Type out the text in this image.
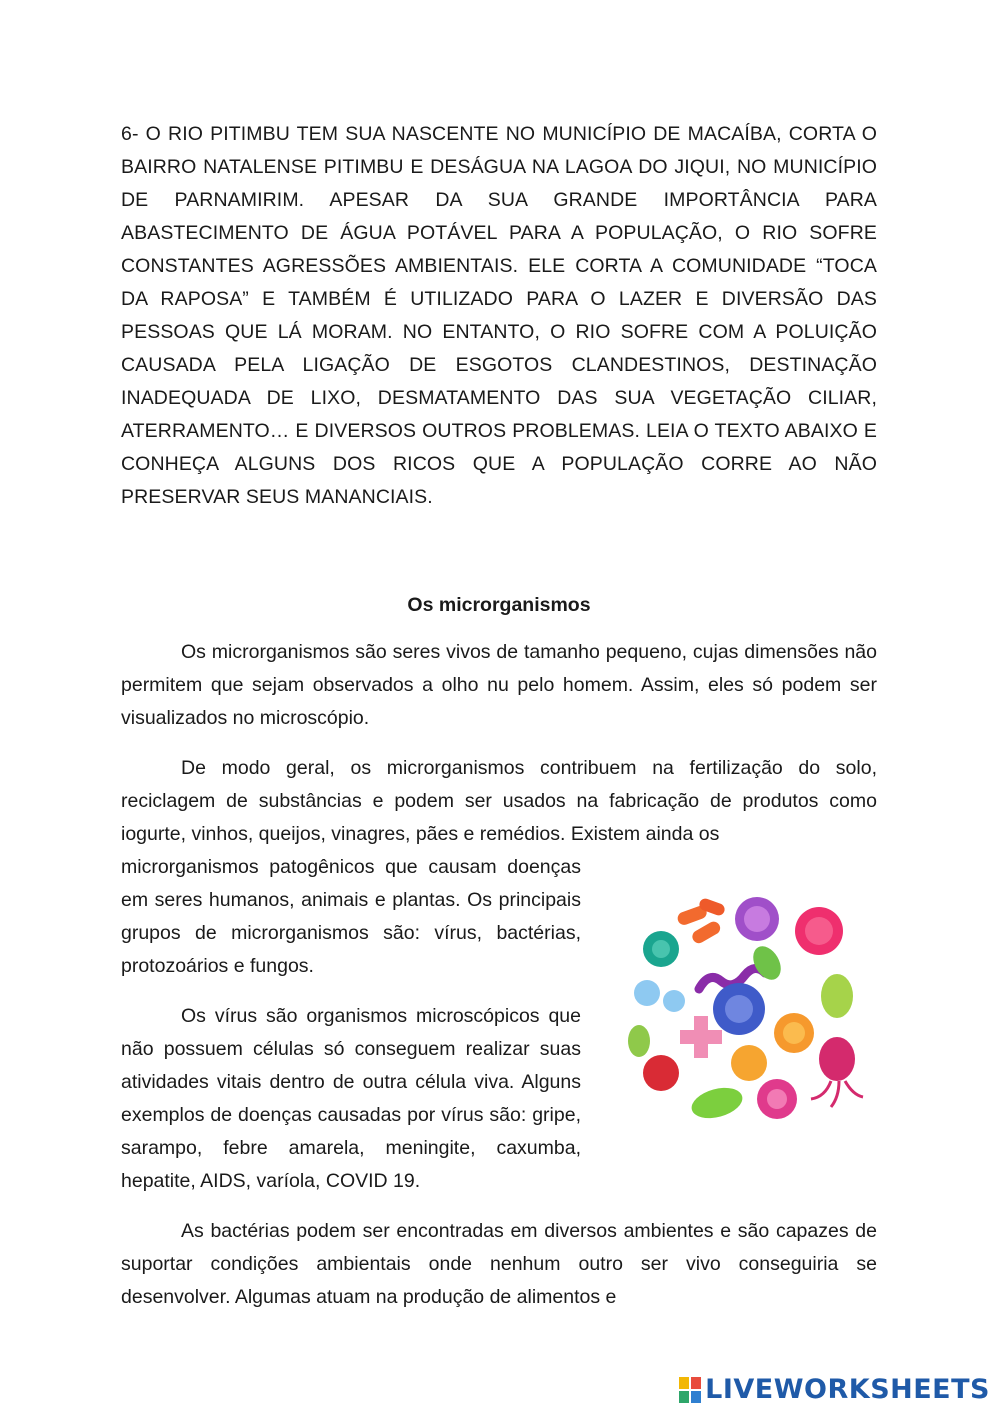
6- O RIO PITIMBU TEM SUA NASCENTE NO MUNICÍPIO DE MACAÍBA, CORTA O BAIRRO NATALENSE PITIMBU E DESÁGUA NA LAGOA DO JIQUI, NO MUNICÍPIO DE PARNAMIRIM. APESAR DA SUA GRANDE IMPORTÂNCIA PARA ABASTECIMENTO DE ÁGUA POTÁVEL PARA A POPULAÇÃO, O RIO SOFRE CONSTANTES AGRESSÕES AMBIENTAIS. ELE CORTA A COMUNIDADE “TOCA DA RAPOSA” E TAMBÉM É UTILIZADO PARA O LAZER E DIVERSÃO DAS PESSOAS QUE LÁ MORAM. NO ENTANTO, O RIO SOFRE COM A POLUIÇÃO CAUSADA PELA LIGAÇÃO DE ESGOTOS CLANDESTINOS, DESTINAÇÃO INADEQUADA DE LIXO, DESMATAMENTO DAS SUA VEGETAÇÃO CILIAR, ATERRAMENTO… E DIVERSOS OUTROS PROBLEMAS. LEIA O TEXTO ABAIXO E CONHEÇA ALGUNS DOS RICOS QUE A POPULAÇÃO CORRE AO NÃO PRESERVAR SEUS MANANCIAIS.

Os microrganismos

Os microrganismos são seres vivos de tamanho pequeno, cujas dimensões não permitem que sejam observados a olho nu pelo homem. Assim, eles só podem ser visualizados no microscópio.

De modo geral, os microrganismos contribuem na fertilização do solo, reciclagem de substâncias e podem ser usados na fabricação de produtos como iogurte, vinhos, queijos, vinagres, pães e remédios. Existem ainda os

microrganismos patogênicos que causam doenças em seres humanos, animais e plantas. Os principais grupos de microrganismos são: vírus, bactérias, protozoários e fungos.

Os vírus são organismos microscópicos que não possuem células só conseguem realizar suas atividades vitais dentro de outra célula viva. Alguns exemplos de doenças causadas por vírus são: gripe, sarampo, febre amarela, meningite, caxumba, hepatite, AIDS, varíola, COVID 19.

As bactérias podem ser encontradas em diversos ambientes e são capazes de suportar condições ambientais onde nenhum outro ser vivo conseguiria se desenvolver. Algumas atuam na produção de alimentos e

LIVEWORKSHEETS
